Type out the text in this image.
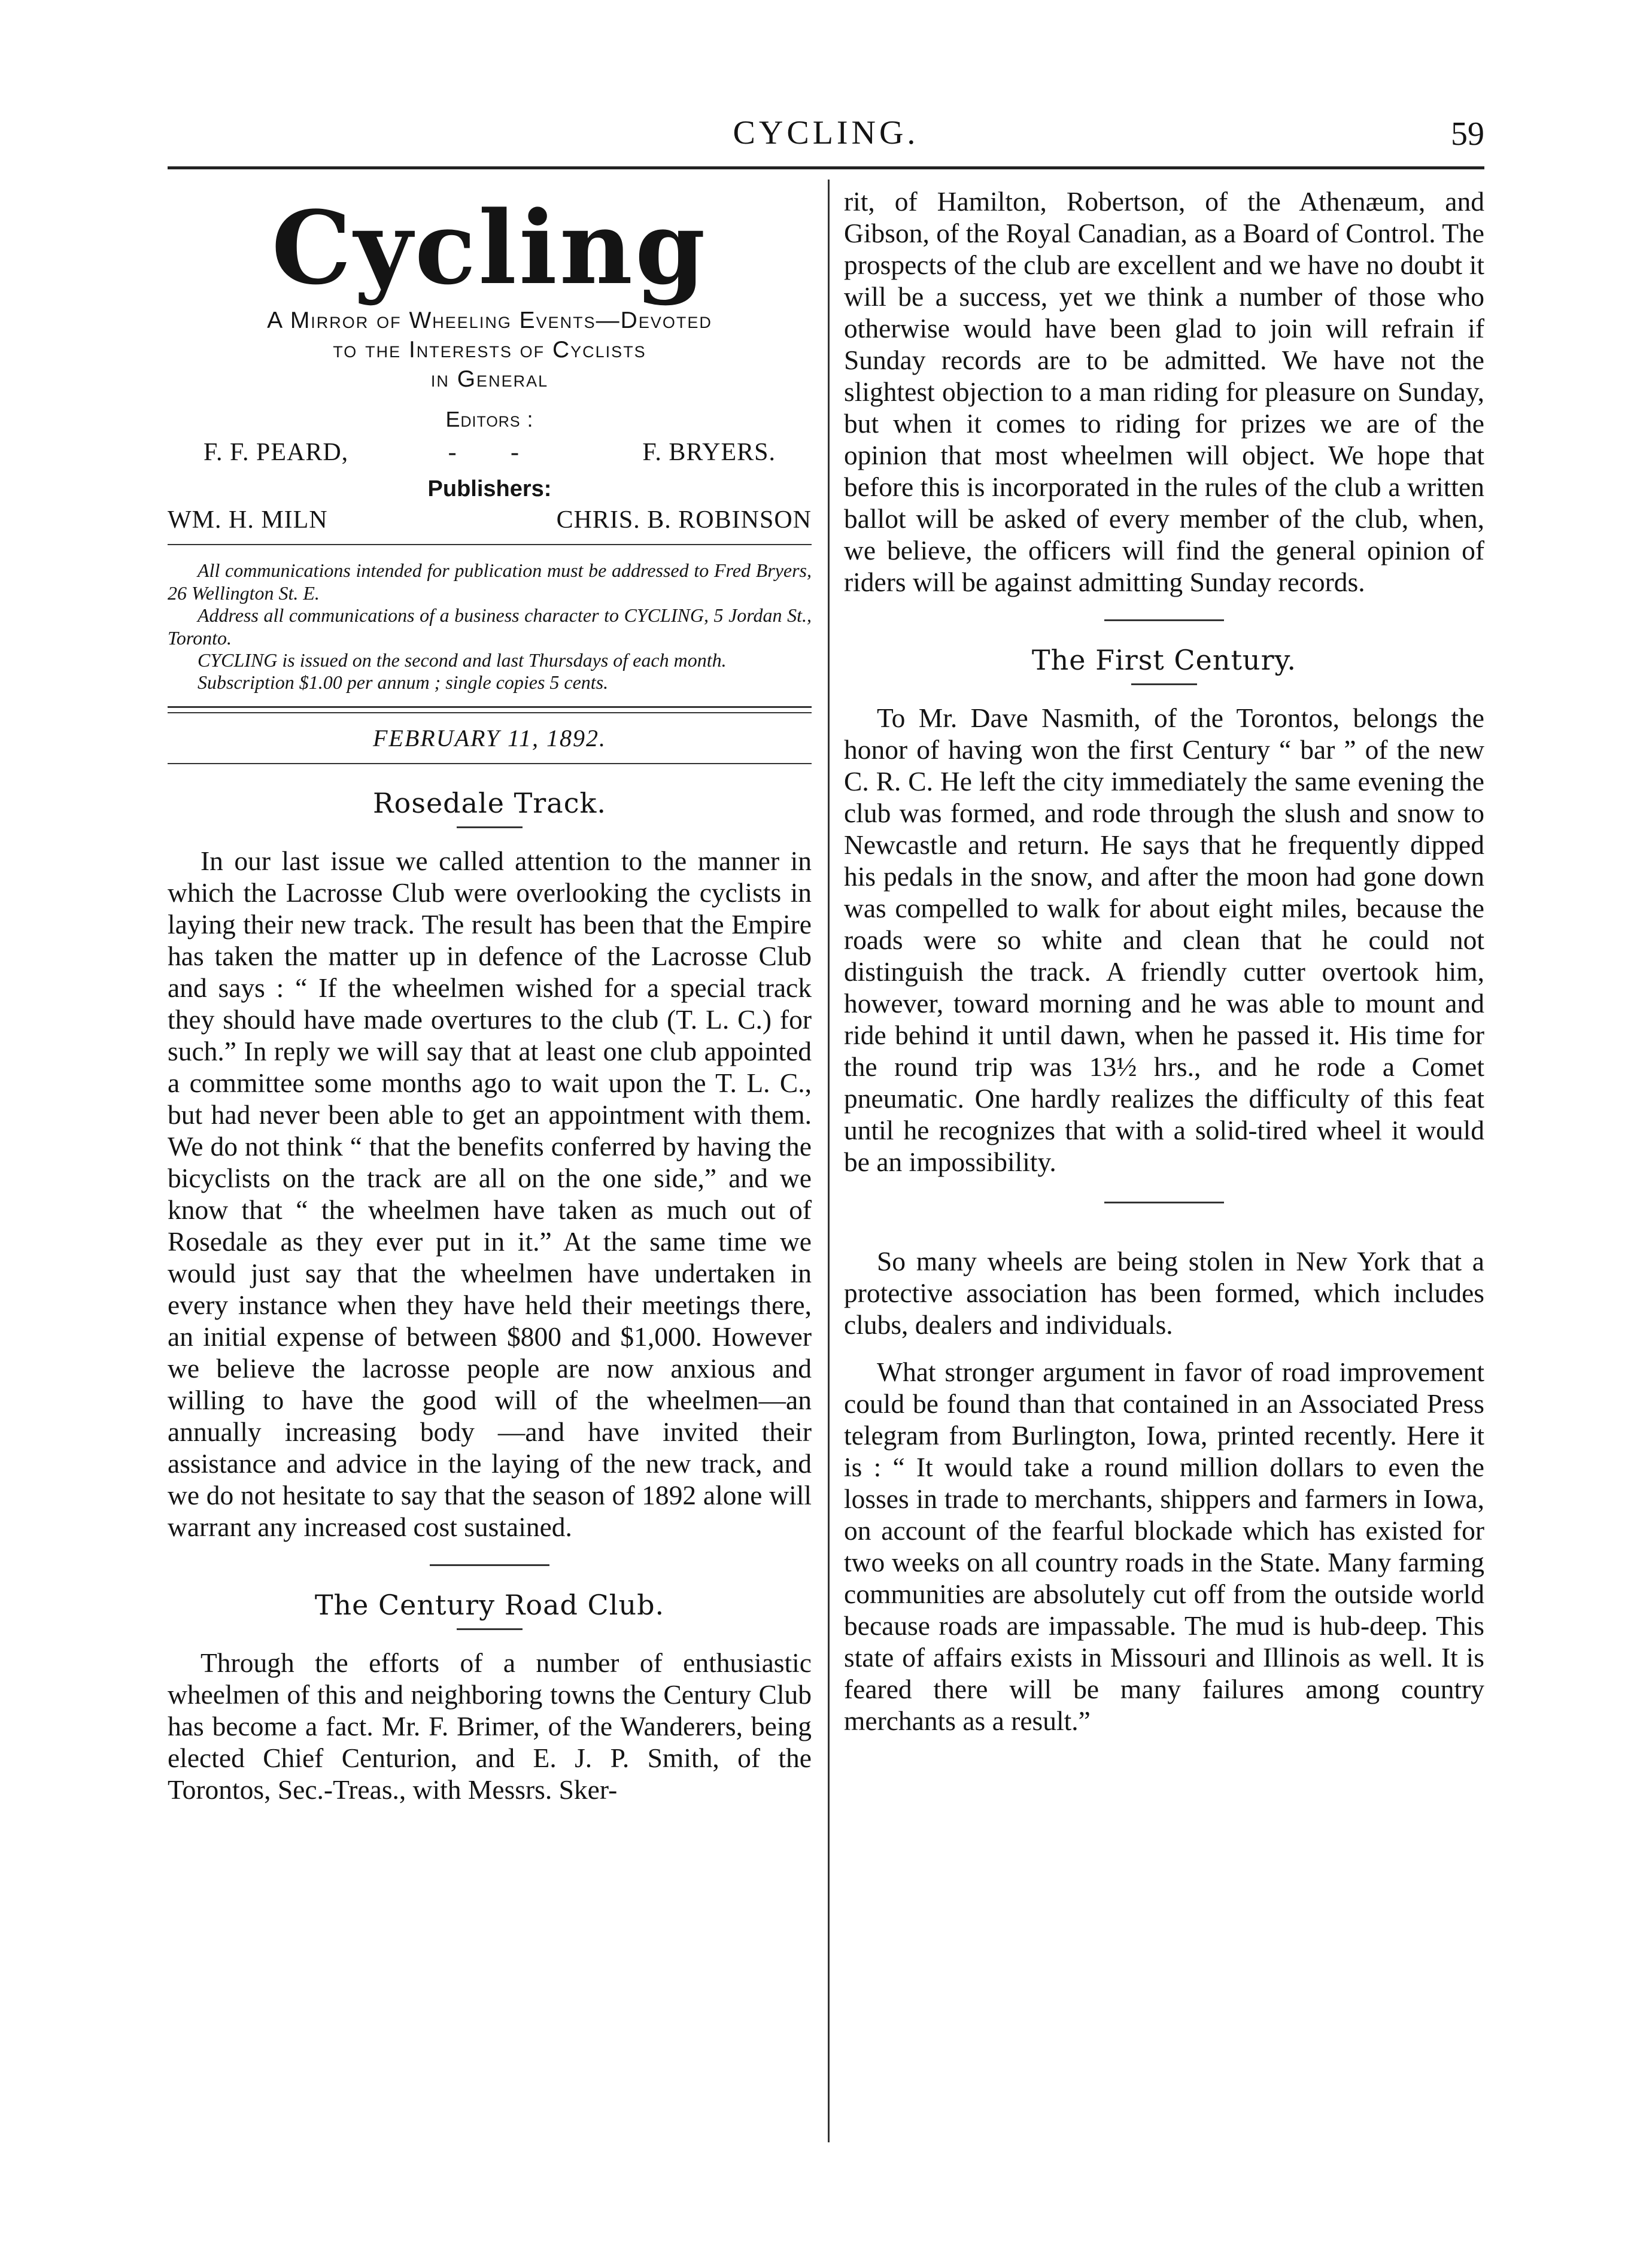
CYCLING.	59
Cycling
A Mirror of Wheeling Events—Devoted
to the Interests of Cyclists
in General
Editors :
F. F. PEARD,	- -	F. BRYERS.
Publishers:
WM. H. MILN	CHRIS. B. ROBINSON

All communications intended for publication must be addressed to Fred Bryers, 26 Wellington St. E.

Address all communications of a business character to CYCLING, 5 Jordan St., Toronto.

CYCLING is issued on the second and last Thursdays of each month.

Subscription $1.00 per annum ; single copies 5 cents.

FEBRUARY 11, 1892.
Rosedale Track.

In our last issue we called attention to the manner in which the Lacrosse Club were overlooking the cyclists in laying their new track. The result has been that the Empire has taken the matter up in defence of the Lacrosse Club and says : “ If the wheelmen wished for a special track they should have made overtures to the club (T. L. C.) for such.” In reply we will say that at least one club appointed a committee some months ago to wait upon the T. L. C., but had never been able to get an appointment with them. We do not think “ that the benefits conferred by having the bicyclists on the track are all on the one side,” and we know that “ the wheelmen have taken as much out of Rosedale as they ever put in it.” At the same time we would just say that the wheelmen have undertaken in every instance when they have held their meetings there, an initial expense of between $800 and $1,000. However we believe the lacrosse people are now anxious and willing to have the good will of the wheelmen—an annually increasing body —and have invited their assistance and advice in the laying of the new track, and we do not hesitate to say that the season of 1892 alone will warrant any increased cost sustained.

The Century Road Club.

Through the efforts of a number of enthusiastic wheelmen of this and neighboring towns the Century Club has become a fact. Mr. F. Brimer, of the Wanderers, being elected Chief Centurion, and E. J. P. Smith, of the Torontos, Sec.-Treas., with Messrs. Sker-

rit, of Hamilton, Robertson, of the Athenæum, and Gibson, of the Royal Canadian, as a Board of Control. The prospects of the club are excellent and we have no doubt it will be a success, yet we think a number of those who otherwise would have been glad to join will refrain if Sunday records are to be admitted. We have not the slightest objection to a man riding for pleasure on Sunday, but when it comes to riding for prizes we are of the opinion that most wheelmen will object. We hope that before this is incorporated in the rules of the club a written ballot will be asked of every member of the club, when, we believe, the officers will find the general opinion of riders will be against admitting Sunday records.

The First Century.

To Mr. Dave Nasmith, of the Torontos, belongs the honor of having won the first Century “ bar ” of the new C. R. C. He left the city immediately the same evening the club was formed, and rode through the slush and snow to Newcastle and return. He says that he frequently dipped his pedals in the snow, and after the moon had gone down was compelled to walk for about eight miles, because the roads were so white and clean that he could not distinguish the track. A friendly cutter overtook him, however, toward morning and he was able to mount and ride behind it until dawn, when he passed it. His time for the round trip was 13½ hrs., and he rode a Comet pneumatic. One hardly realizes the difficulty of this feat until he recognizes that with a solid-tired wheel it would be an impossibility.

So many wheels are being stolen in New York that a protective association has been formed, which includes clubs, dealers and individuals.

What stronger argument in favor of road improvement could be found than that contained in an Associated Press telegram from Burlington, Iowa, printed recently. Here it is : “ It would take a round million dollars to even the losses in trade to merchants, shippers and farmers in Iowa, on account of the fearful blockade which has existed for two weeks on all country roads in the State. Many farming communities are absolutely cut off from the outside world because roads are impassable. The mud is hub-deep. This state of affairs exists in Missouri and Illinois as well. It is feared there will be many failures among country merchants as a result.”
